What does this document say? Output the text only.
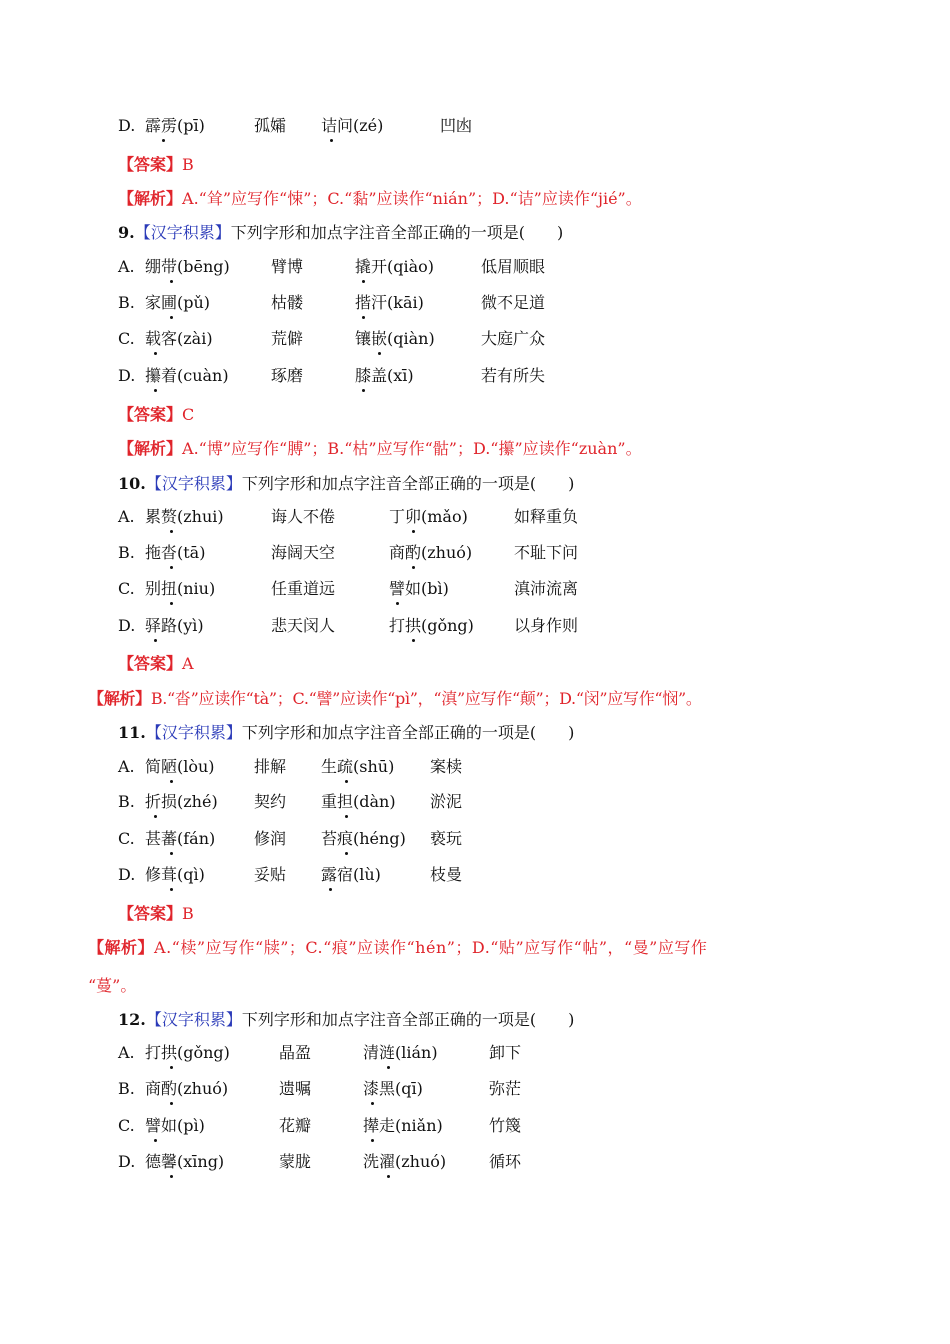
D. 霹雳(pī)	孤孀 诘问(zé)	凹凼
【答案】B
【解析】A.“耸”应写作“悚”；C.“黏”应读作“nián”；D.“诘”应读作“jié”。
9.【汉字积累】下列字形和加点字注音全部正确的一项是(　　)
A. 绷带(bēng)	臂博	撬开(qiào)	低眉顺眼
B. 家圃(pǔ)	枯髅	揩汗(kāi)	微不足道
C. 载客(zài)	荒僻	镶嵌(qiàn)	大庭广众
D. 攥着(cuàn)	琢磨	膝盖(xī)	若有所失
【答案】C
【解析】A.“博”应写作“膊”；B.“枯”应写作“骷”；D.“攥”应读作“zuàn”。
10.【汉字积累】下列字形和加点字注音全部正确的一项是(　　)
A. 累赘(zhui)	诲人不倦	丁卯(mǎo)	如释重负
B. 拖沓(tā)	海阔天空	商酌(zhuó)	不耻下问
C. 别扭(niu)	任重道远	譬如(bì)	滇沛流离
D. 驿路(yì)	悲天闵人	打拱(gǒng)	以身作则
【答案】A
【解析】B.“沓”应读作“tà”；C.“譬”应读作“pì”，“滇”应写作“颠”；D.“闵”应写作“悯”。
11.【汉字积累】下列字形和加点字注音全部正确的一项是(　　)
A. 简陋(lòu) 排解 生疏(shū) 案椟
B. 折损(zhé) 契约 重担(dàn) 淤泥
C. 甚蕃(fán) 修润 苔痕(héng) 亵玩
D. 修葺(qì)	妥贴 露宿(lù)	枝曼
【答案】B
【解析】A.“椟”应写作“牍”；C.“痕”应读作“hén”；D.“贴”应写作“帖”，“曼”应写作
“蔓”。
12.【汉字积累】下列字形和加点字注音全部正确的一项是(　　)
A. 打拱(gǒng)	晶盈	清涟(lián)	卸下
B. 商酌(zhuó)	遗嘱	漆黑(qī)	弥茫
C. 譬如(pì)	花瓣	撵走(niǎn)	竹篾
D. 德馨(xīng)	蒙胧	洗濯(zhuó)	循环
